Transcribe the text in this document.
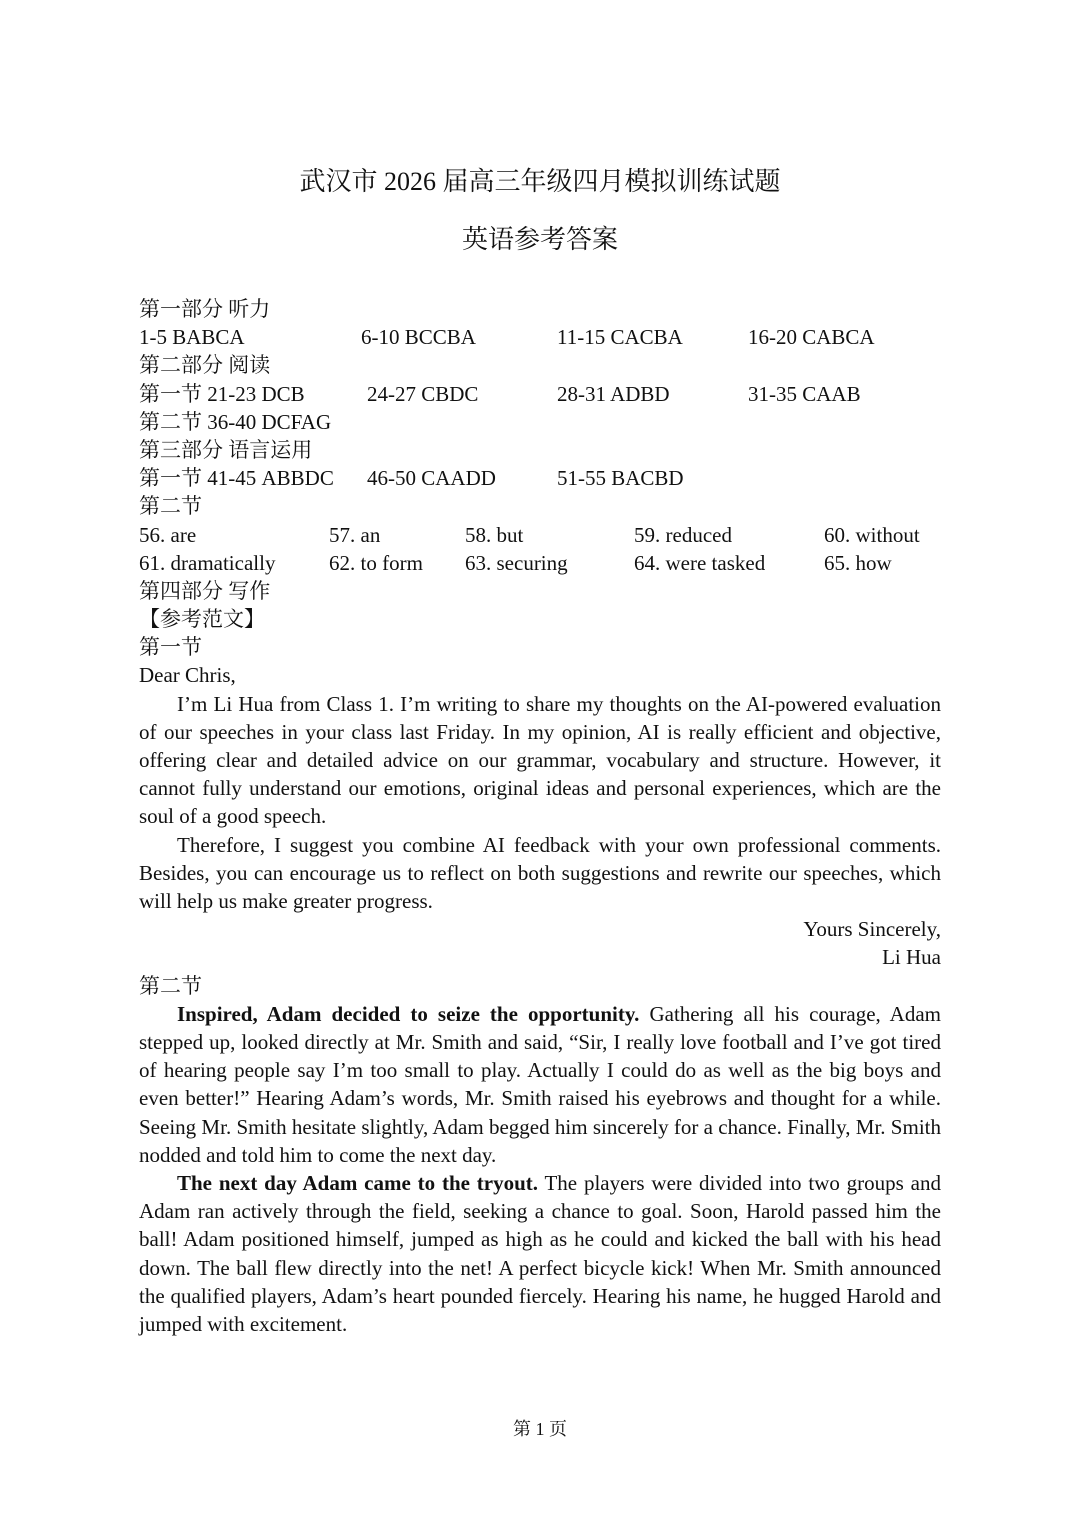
武汉市 2026 届高三年级四月模拟训练试题
英语参考答案
第一部分 听力
1-5 BABCA	6-10 BCCBA	11-15 CACBA	16-20 CABCA
第二部分 阅读
第一节 21-23 DCB	24-27 CBDC	28-31 ADBD	31-35 CAAB
第二节 36-40 DCFAG
第三部分 语言运用
第一节 41-45 ABBDC 46-50 CAADD	51-55 BACBD
第二节
56. are	57. an	58. but	59. reduced	60. without
61. dramatically	62. to form 63. securing	64. were tasked	65. how
第四部分 写作
【参考范文】
第一节
Dear Chris,

I’m Li Hua from Class 1. I’m writing to share my thoughts on the AI-powered evaluation of our speeches in your class last Friday. In my opinion, AI is really efficient and objective, offering clear and detailed advice on our grammar, vocabulary and structure. However, it cannot fully understand our emotions, original ideas and personal experiences, which are the soul of a good speech.

Therefore, I suggest you combine AI feedback with your own professional comments. Besides, you can encourage us to reflect on both suggestions and rewrite our speeches, which will help us make greater progress.

Yours Sincerely,
Li Hua
第二节

Inspired, Adam decided to seize the opportunity. Gathering all his courage, Adam stepped up, looked directly at Mr. Smith and said, “Sir, I really love football and I’ve got tired of hearing people say I’m too small to play. Actually I could do as well as the big boys and even better!” Hearing Adam’s words, Mr. Smith raised his eyebrows and thought for a while. Seeing Mr. Smith hesitate slightly, Adam begged him sincerely for a chance. Finally, Mr. Smith nodded and told him to come the next day.

The next day Adam came to the tryout. The players were divided into two groups and Adam ran actively through the field, seeking a chance to goal. Soon, Harold passed him the ball! Adam positioned himself, jumped as high as he could and kicked the ball with his head down. The ball flew directly into the net! A perfect bicycle kick! When Mr. Smith announced the qualified players, Adam’s heart pounded fiercely. Hearing his name, he hugged Harold and jumped with excitement.

第 1 页
